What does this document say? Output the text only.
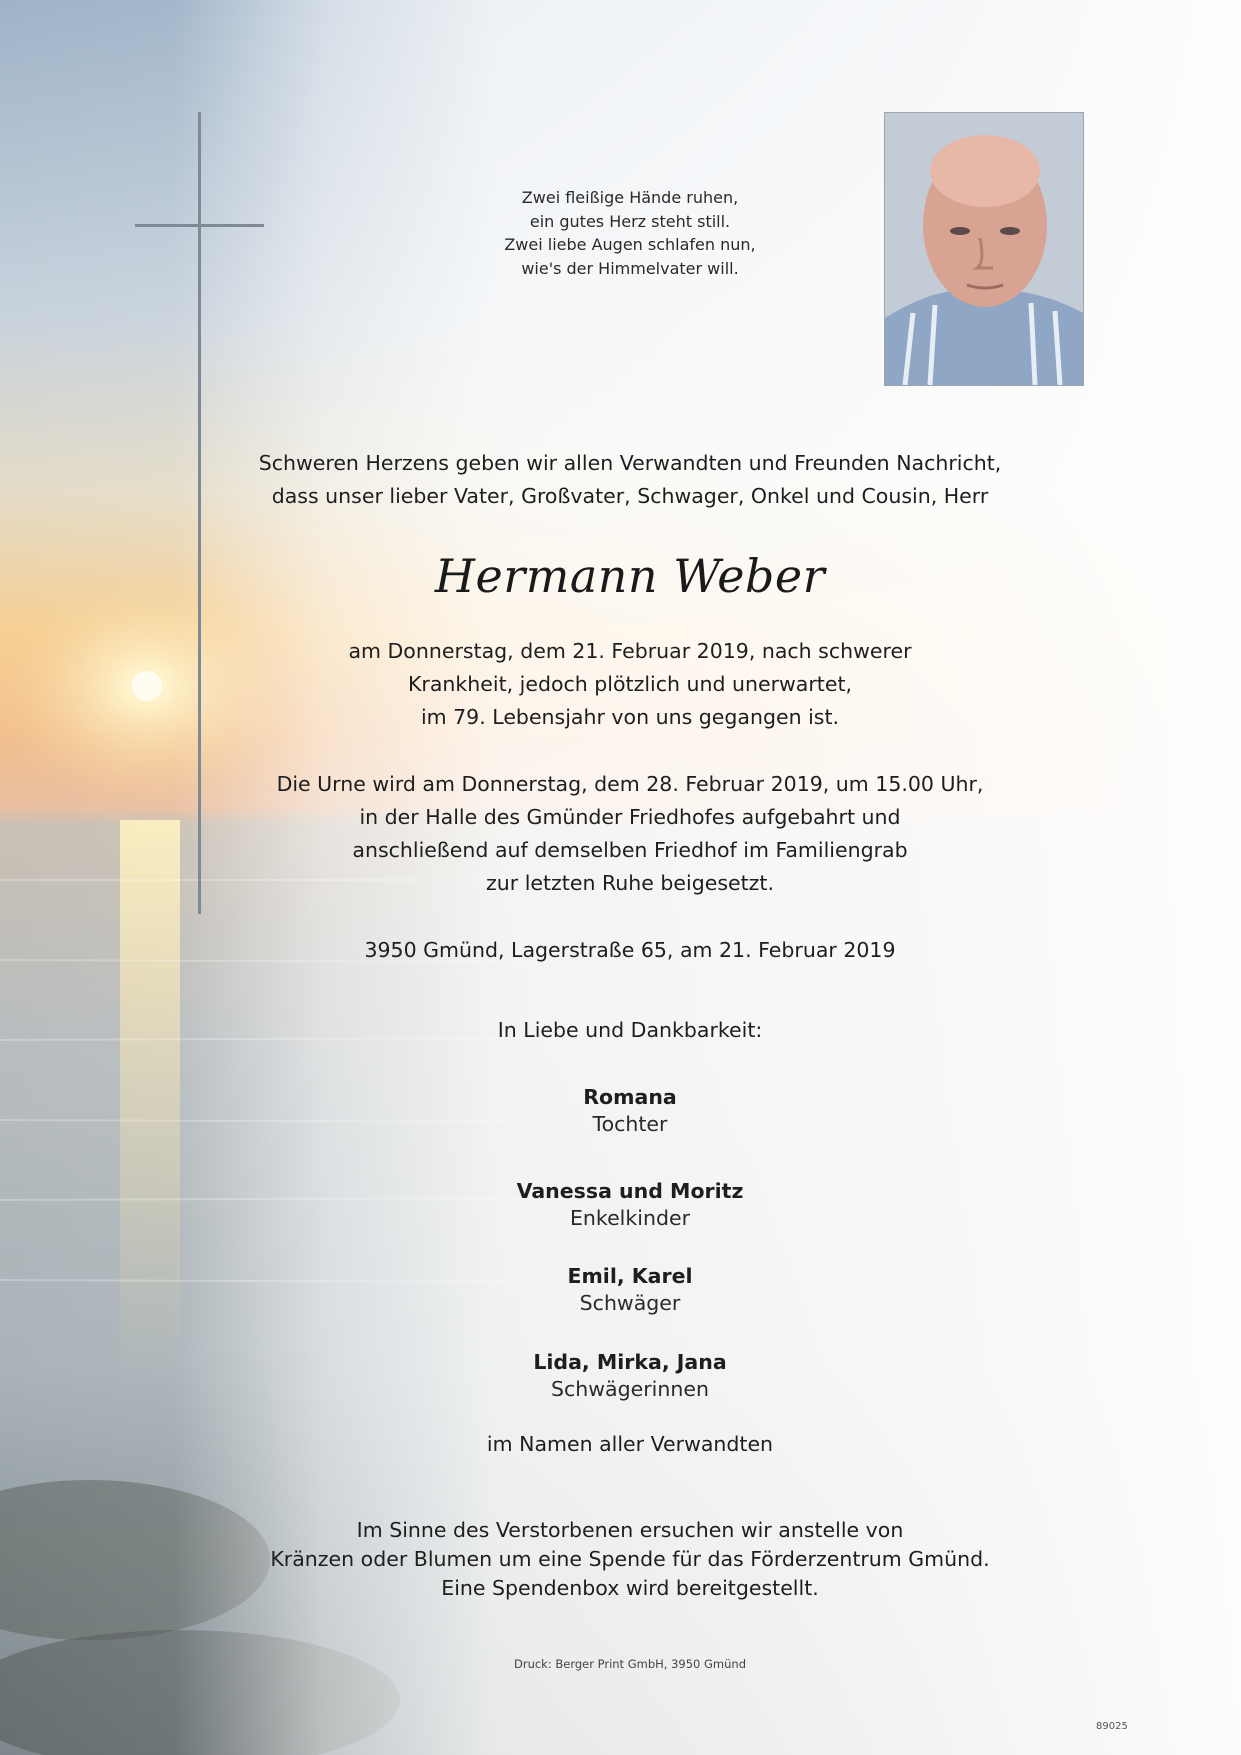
Zwei fleißige Hände ruhen,
ein gutes Herz steht still.
Zwei liebe Augen schlafen nun,
wie's der Himmelvater will.
Schweren Herzens geben wir allen Verwandten und Freunden Nachricht,
dass unser lieber Vater, Großvater, Schwager, Onkel und Cousin, Herr
Hermann Weber
am Donnerstag, dem 21. Februar 2019, nach schwerer
Krankheit, jedoch plötzlich und unerwartet,
im 79. Lebensjahr von uns gegangen ist.
Die Urne wird am Donnerstag, dem 28. Februar 2019, um 15.00 Uhr,
in der Halle des Gmünder Friedhofes aufgebahrt und
anschließend auf demselben Friedhof im Familiengrab
zur letzten Ruhe beigesetzt.
3950 Gmünd, Lagerstraße 65, am 21. Februar 2019
In Liebe und Dankbarkeit:
Romana
Tochter
Vanessa und Moritz
Enkelkinder
Emil, Karel
Schwäger
Lida, Mirka, Jana
Schwägerinnen
im Namen aller Verwandten
Im Sinne des Verstorbenen ersuchen wir anstelle von
Kränzen oder Blumen um eine Spende für das Förderzentrum Gmünd.
Eine Spendenbox wird bereitgestellt.
Druck: Berger Print GmbH, 3950 Gmünd
89025
